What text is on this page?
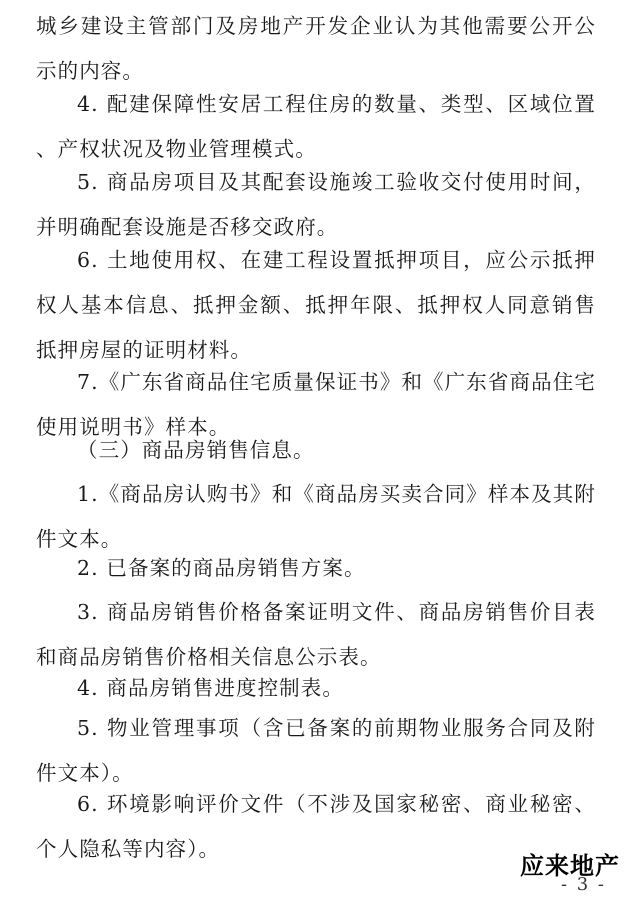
城乡建设主管部门及房地产开发企业认为其他需要公开公示的内容。

4. 配建保障性安居工程住房的数量、类型、区域位置、产权状况及物业管理模式。

5. 商品房项目及其配套设施竣工验收交付使用时间，并明确配套设施是否移交政府。

6. 土地使用权、在建工程设置抵押项目，应公示抵押权人基本信息、抵押金额、抵押年限、抵押权人同意销售抵押房屋的证明材料。

7.《广东省商品住宅质量保证书》和《广东省商品住宅使用说明书》样本。

（三）商品房销售信息。

1.《商品房认购书》和《商品房买卖合同》样本及其附件文本。

2. 已备案的商品房销售方案。

3. 商品房销售价格备案证明文件、商品房销售价目表和商品房销售价格相关信息公示表。

4. 商品房销售进度控制表。

5. 物业管理事项（含已备案的前期物业服务合同及附件文本）。

6. 环境影响评价文件（不涉及国家秘密、商业秘密、个人隐私等内容）。

应来地产
- 3 -
